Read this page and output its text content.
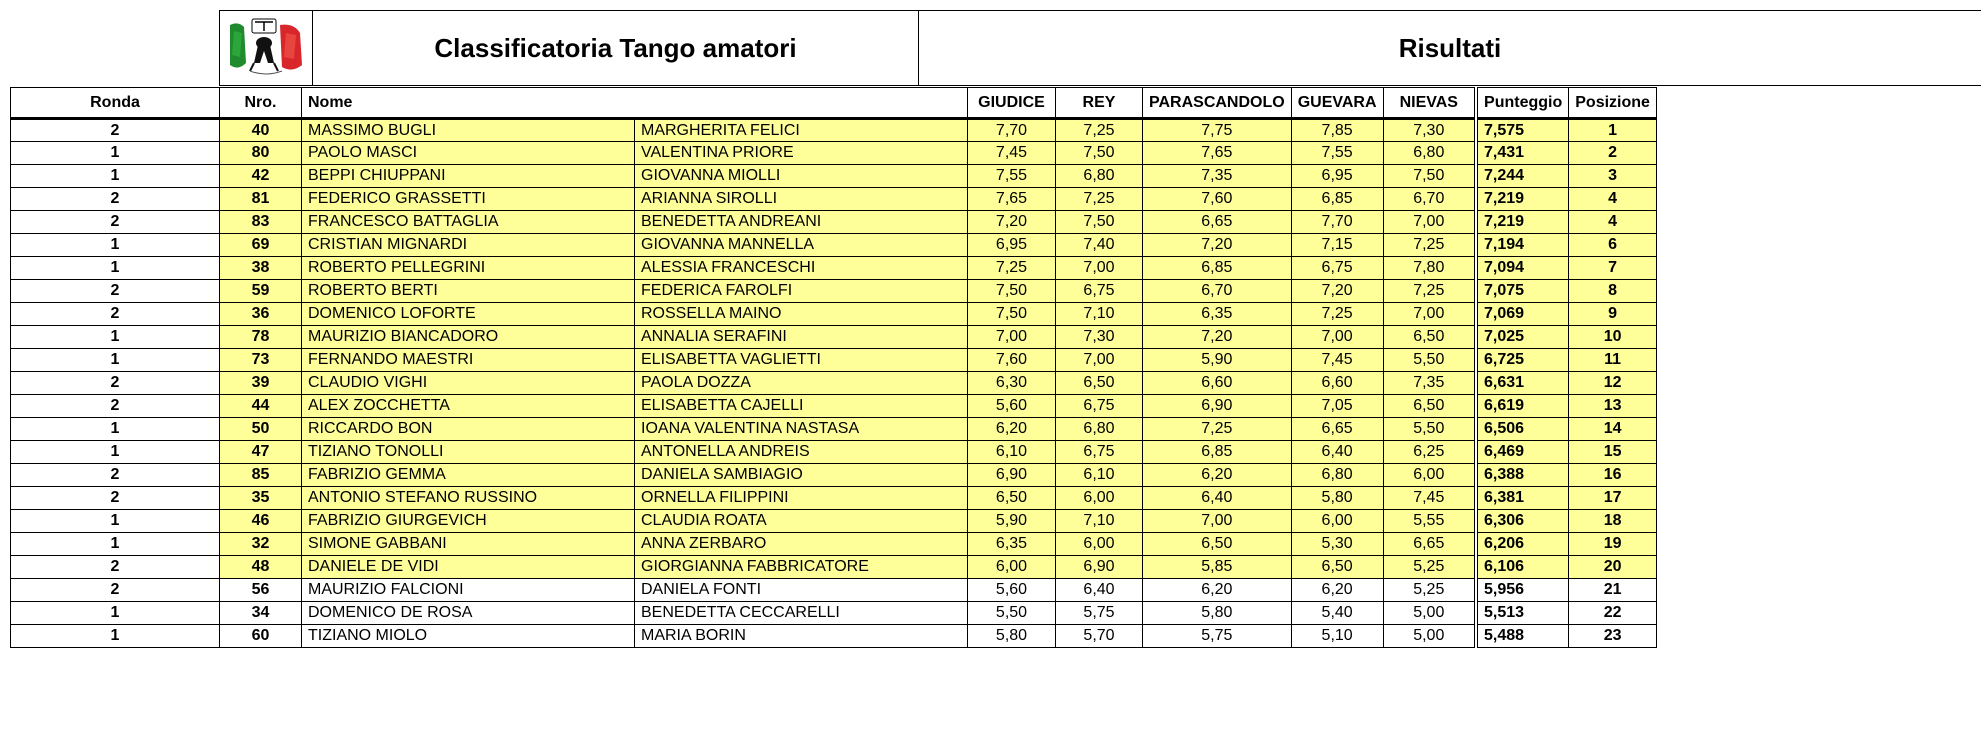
Classificatoria Tango amatori	Risultati
Ronda	Nro.	Nome		GIUDICE	REY	PARASCANDOLO	GUEVARA	NIEVAS	Punteggio	Posizione
2	40	MASSIMO BUGLI	MARGHERITA FELICI	7,70	7,25	7,75	7,85	7,30	7,575	1
1	80	PAOLO MASCI	VALENTINA PRIORE	7,45	7,50	7,65	7,55	6,80	7,431	2
1	42	BEPPI CHIUPPANI	GIOVANNA MIOLLI	7,55	6,80	7,35	6,95	7,50	7,244	3
2	81	FEDERICO GRASSETTI	ARIANNA SIROLLI	7,65	7,25	7,60	6,85	6,70	7,219	4
2	83	FRANCESCO BATTAGLIA	BENEDETTA ANDREANI	7,20	7,50	6,65	7,70	7,00	7,219	4
1	69	CRISTIAN MIGNARDI	GIOVANNA MANNELLA	6,95	7,40	7,20	7,15	7,25	7,194	6
1	38	ROBERTO PELLEGRINI	ALESSIA FRANCESCHI	7,25	7,00	6,85	6,75	7,80	7,094	7
2	59	ROBERTO BERTI	FEDERICA FAROLFI	7,50	6,75	6,70	7,20	7,25	7,075	8
2	36	DOMENICO LOFORTE	ROSSELLA MAINO	7,50	7,10	6,35	7,25	7,00	7,069	9
1	78	MAURIZIO BIANCADORO	ANNALIA SERAFINI	7,00	7,30	7,20	7,00	6,50	7,025	10
1	73	FERNANDO MAESTRI	ELISABETTA VAGLIETTI	7,60	7,00	5,90	7,45	5,50	6,725	11
2	39	CLAUDIO VIGHI	PAOLA DOZZA	6,30	6,50	6,60	6,60	7,35	6,631	12
2	44	ALEX ZOCCHETTA	ELISABETTA CAJELLI	5,60	6,75	6,90	7,05	6,50	6,619	13
1	50	RICCARDO BON	IOANA VALENTINA NASTASA	6,20	6,80	7,25	6,65	5,50	6,506	14
1	47	TIZIANO TONOLLI	ANTONELLA ANDREIS	6,10	6,75	6,85	6,40	6,25	6,469	15
2	85	FABRIZIO GEMMA	DANIELA SAMBIAGIO	6,90	6,10	6,20	6,80	6,00	6,388	16
2	35	ANTONIO STEFANO RUSSINO	ORNELLA FILIPPINI	6,50	6,00	6,40	5,80	7,45	6,381	17
1	46	FABRIZIO GIURGEVICH	CLAUDIA ROATA	5,90	7,10	7,00	6,00	5,55	6,306	18
1	32	SIMONE GABBANI	ANNA ZERBARO	6,35	6,00	6,50	5,30	6,65	6,206	19
2	48	DANIELE DE VIDI	GIORGIANNA FABBRICATORE	6,00	6,90	5,85	6,50	5,25	6,106	20
2	56	MAURIZIO FALCIONI	DANIELA FONTI	5,60	6,40	6,20	6,20	5,25	5,956	21
1	34	DOMENICO DE ROSA	BENEDETTA CECCARELLI	5,50	5,75	5,80	5,40	5,00	5,513	22
1	60	TIZIANO MIOLO	MARIA BORIN	5,80	5,70	5,75	5,10	5,00	5,488	23
